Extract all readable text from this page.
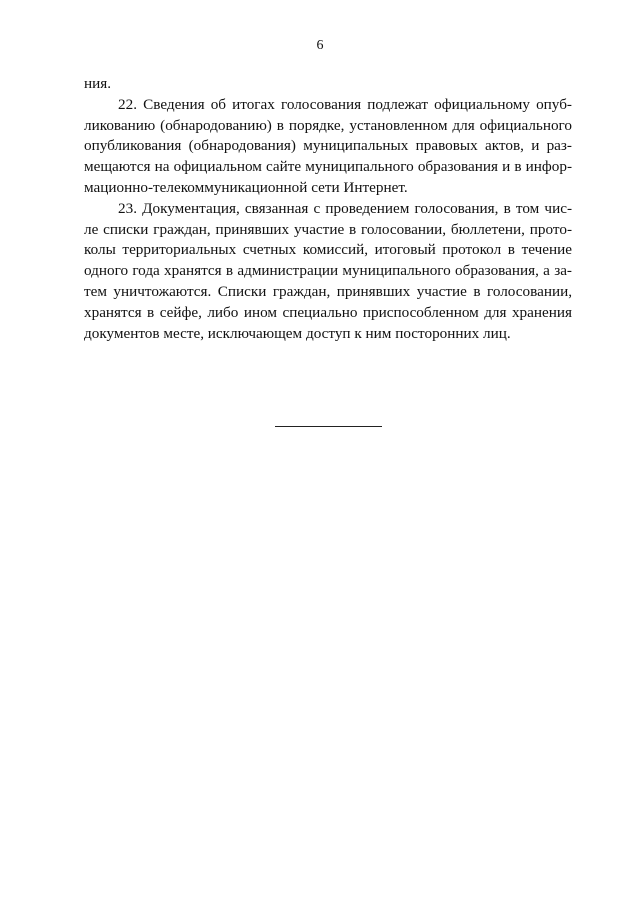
6
ния.
22. Сведения об итогах голосования подлежат официальному опуб-
ликованию (обнародованию) в порядке, установленном для официального
опубликования (обнародования) муниципальных правовых актов, и раз-
мещаются на официальном сайте муниципального образования и в инфор-
мационно-телекоммуникационной сети Интернет.
23. Документация, связанная с проведением голосования, в том чис-
ле списки граждан, принявших участие в голосовании, бюллетени, прото-
колы территориальных счетных комиссий, итоговый протокол в течение
одного года хранятся в администрации муниципального образования, а за-
тем уничтожаются. Списки граждан, принявших участие в голосовании,
хранятся в сейфе, либо ином специально приспособленном для хранения
документов месте, исключающем доступ к ним посторонних лиц.
